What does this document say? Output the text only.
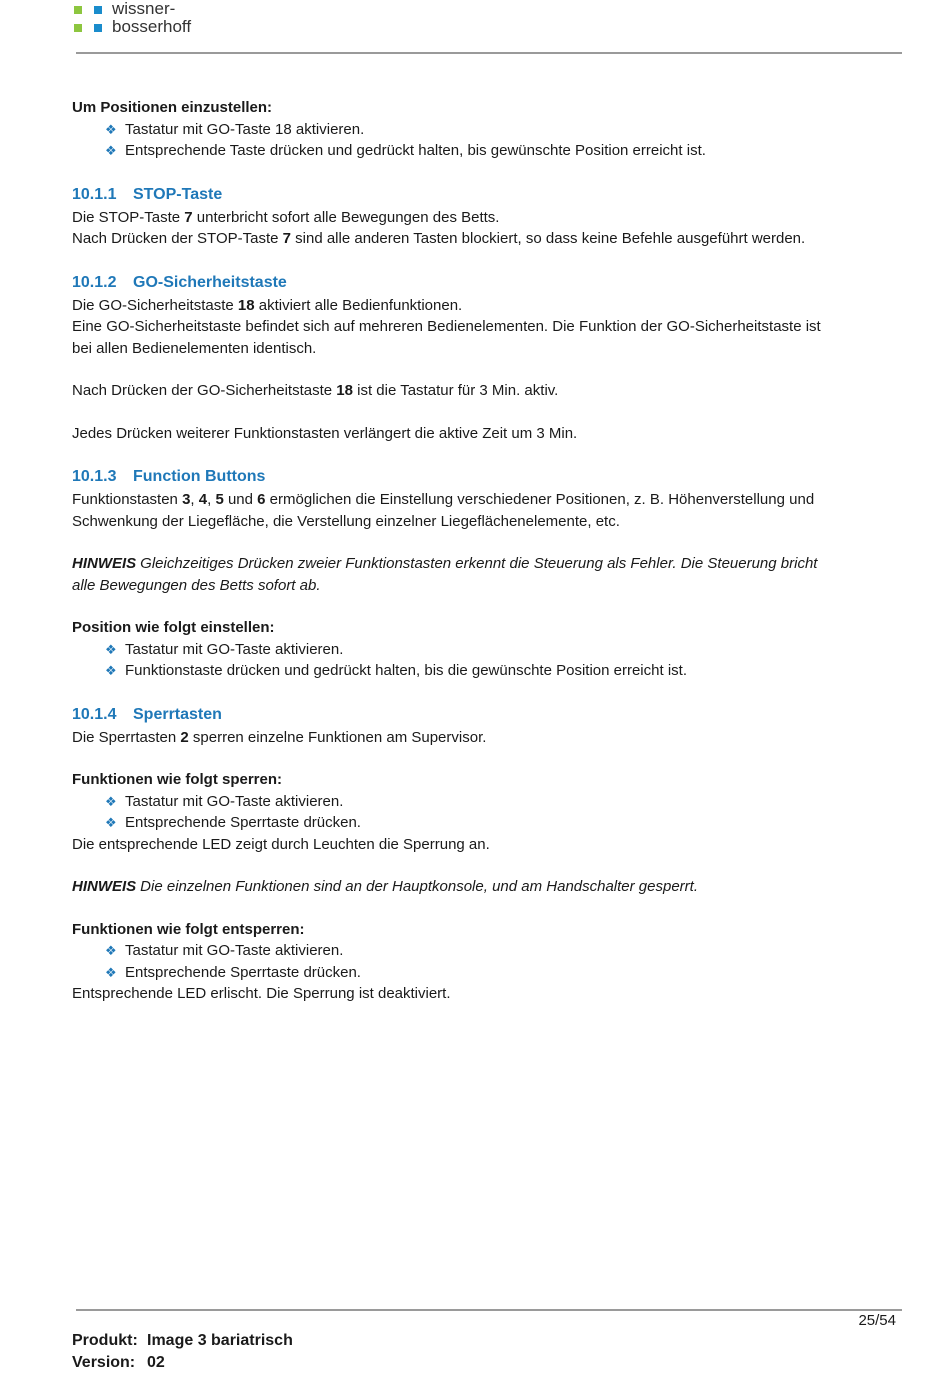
wissner-
bosserhoff
Um Positionen einzustellen:
❖ Tastatur mit GO-Taste 18 aktivieren.
❖ Entsprechende Taste drücken und gedrückt halten, bis gewünschte Position erreicht ist.
10.1.1 STOP-Taste
Die STOP-Taste 7 unterbricht sofort alle Bewegungen des Betts.
Nach Drücken der STOP-Taste 7 sind alle anderen Tasten blockiert, so dass keine Befehle ausgeführt werden.
10.1.2 GO-Sicherheitstaste
Die GO-Sicherheitstaste 18 aktiviert alle Bedienfunktionen.
Eine GO-Sicherheitstaste befindet sich auf mehreren Bedienelementen. Die Funktion der GO-Sicherheitstaste ist
bei allen Bedienelementen identisch.
Nach Drücken der GO-Sicherheitstaste 18 ist die Tastatur für 3 Min. aktiv.
Jedes Drücken weiterer Funktionstasten verlängert die aktive Zeit um 3 Min.
10.1.3 Function Buttons
Funktionstasten 3, 4, 5 und 6 ermöglichen die Einstellung verschiedener Positionen, z. B. Höhenverstellung und
Schwenkung der Liegefläche, die Verstellung einzelner Liegeflächenelemente, etc.
HINWEIS Gleichzeitiges Drücken zweier Funktionstasten erkennt die Steuerung als Fehler. Die Steuerung bricht
alle Bewegungen des Betts sofort ab.
Position wie folgt einstellen:
❖ Tastatur mit GO-Taste aktivieren.
❖ Funktionstaste drücken und gedrückt halten, bis die gewünschte Position erreicht ist.
10.1.4 Sperrtasten
Die Sperrtasten 2 sperren einzelne Funktionen am Supervisor.
Funktionen wie folgt sperren:
❖ Tastatur mit GO-Taste aktivieren.
❖ Entsprechende Sperrtaste drücken.
Die entsprechende LED zeigt durch Leuchten die Sperrung an.
HINWEIS Die einzelnen Funktionen sind an der Hauptkonsole, und am Handschalter gesperrt.
Funktionen wie folgt entsperren:
❖ Tastatur mit GO-Taste aktivieren.
❖ Entsprechende Sperrtaste drücken.
Entsprechende LED erlischt. Die Sperrung ist deaktiviert.
25/54
Produkt: Image 3 bariatrisch
Version: 02
